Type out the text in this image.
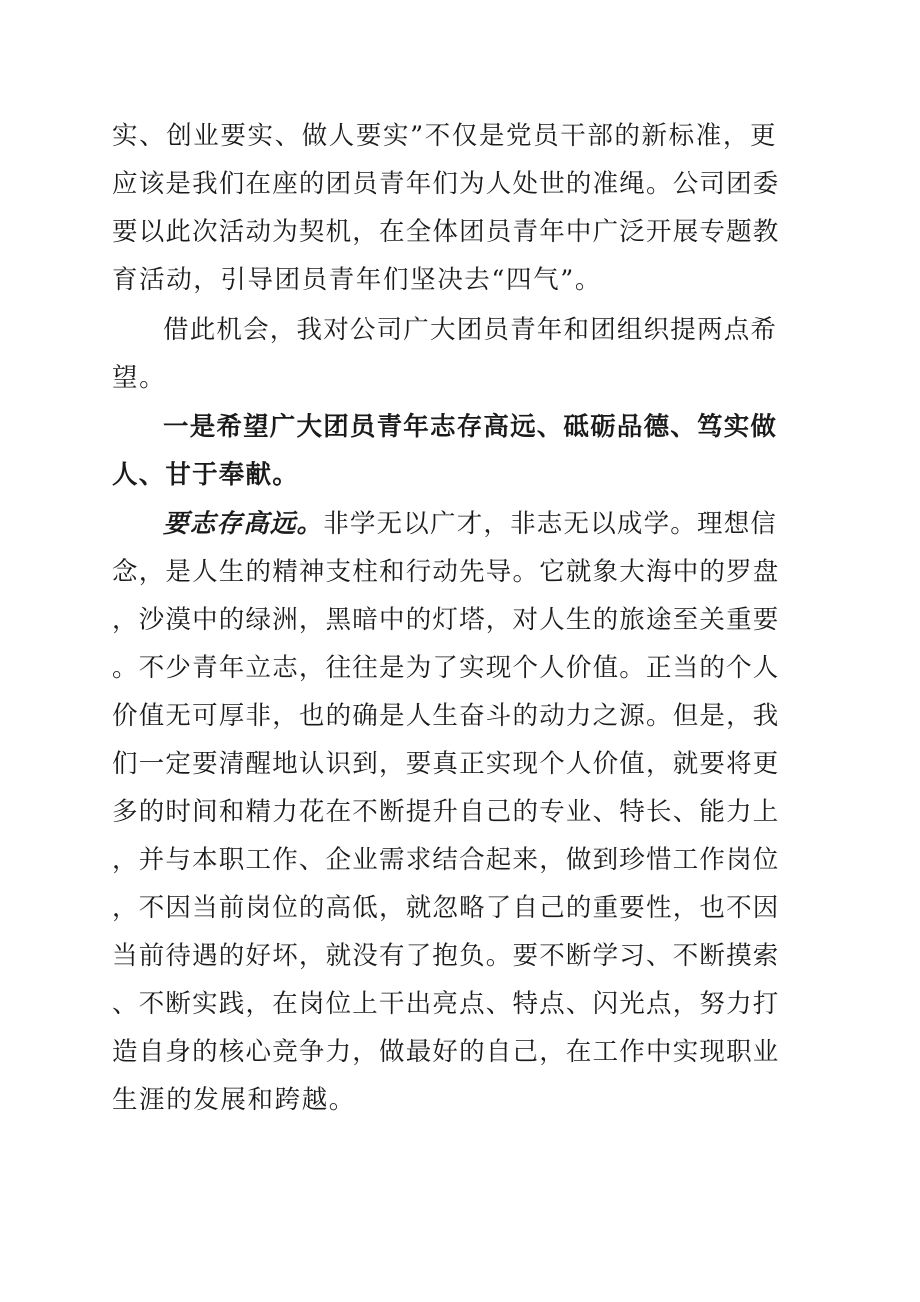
实、创业要实、做人要实”不仅是党员干部的新标准，更
应该是我们在座的团员青年们为人处世的准绳。公司团委
要以此次活动为契机，在全体团员青年中广泛开展专题教
育活动，引导团员青年们坚决去“四气”。
借此机会，我对公司广大团员青年和团组织提两点希
望。
一是希望广大团员青年志存高远、砥砺品德、笃实做
人、甘于奉献。
要志存高远。非学无以广才，非志无以成学。理想信
念，是人生的精神支柱和行动先导。它就象大海中的罗盘
，沙漠中的绿洲，黑暗中的灯塔，对人生的旅途至关重要
。不少青年立志，往往是为了实现个人价值。正当的个人
价值无可厚非，也的确是人生奋斗的动力之源。但是，我
们一定要清醒地认识到，要真正实现个人价值，就要将更
多的时间和精力花在不断提升自己的专业、特长、能力上
，并与本职工作、企业需求结合起来，做到珍惜工作岗位
，不因当前岗位的高低，就忽略了自己的重要性，也不因
当前待遇的好坏，就没有了抱负。要不断学习、不断摸索
、不断实践，在岗位上干出亮点、特点、闪光点，努力打
造自身的核心竞争力，做最好的自己，在工作中实现职业
生涯的发展和跨越。
